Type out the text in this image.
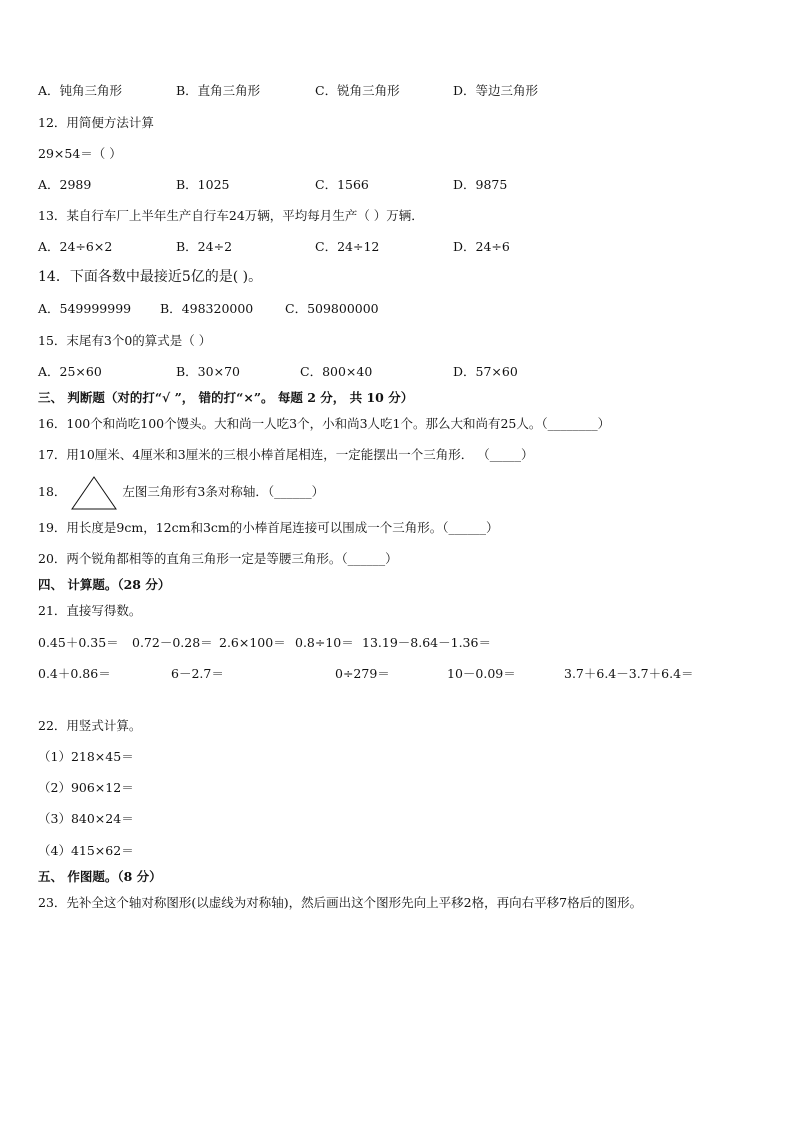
A．钝角三角形	B．直角三角形	C．锐角三角形	D．等边三角形
12．用简便方法计算
29×54＝（ ）
A．2989	B．1025	C．1566	D．9875
13．某自行车厂上半年生产自行车24万辆，平均每月生产（ ）万辆．
A．24÷6×2	B．24÷2	C．24÷12	D．24÷6
14．下面各数中最接近5亿的是( )。
A．549999999 B．498320000	C．509800000
15．末尾有3个0的算式是（ ）
A．25×60	B．30×70	C．800×40	D．57×60
三、 判断题（对的打“√ ”， 错的打“×”。 每题 2 分， 共 10 分）
16．100个和尚吃100个馒头。大和尚一人吃3个，小和尚3人吃1个。那么大和尚有25人。（________）
17．用10厘米、4厘米和3厘米的三根小棒首尾相连，一定能摆出一个三角形． （_____）
18．	左图三角形有3条对称轴．（______）
19．用长度是9cm，12cm和3cm的小棒首尾连接可以围成一个三角形。（______）
20．两个锐角都相等的直角三角形一定是等腰三角形。（______）
四、 计算题。（28 分）
21．直接写得数。
0.45＋0.35＝ 0.72－0.28＝ 2.6×100＝ 0.8÷10＝ 13.19－8.64－1.36＝
0.4＋0.86＝	6－2.7＝	0÷279＝	10－0.09＝	3.7＋6.4－3.7＋6.4＝
22．用竖式计算。
（1）218×45＝
（2）906×12＝
（3）840×24＝
（4）415×62＝
五、 作图题。（8 分）
23．先补全这个轴对称图形(以虚线为对称轴)，然后画出这个图形先向上平移2格，再向右平移7格后的图形。
